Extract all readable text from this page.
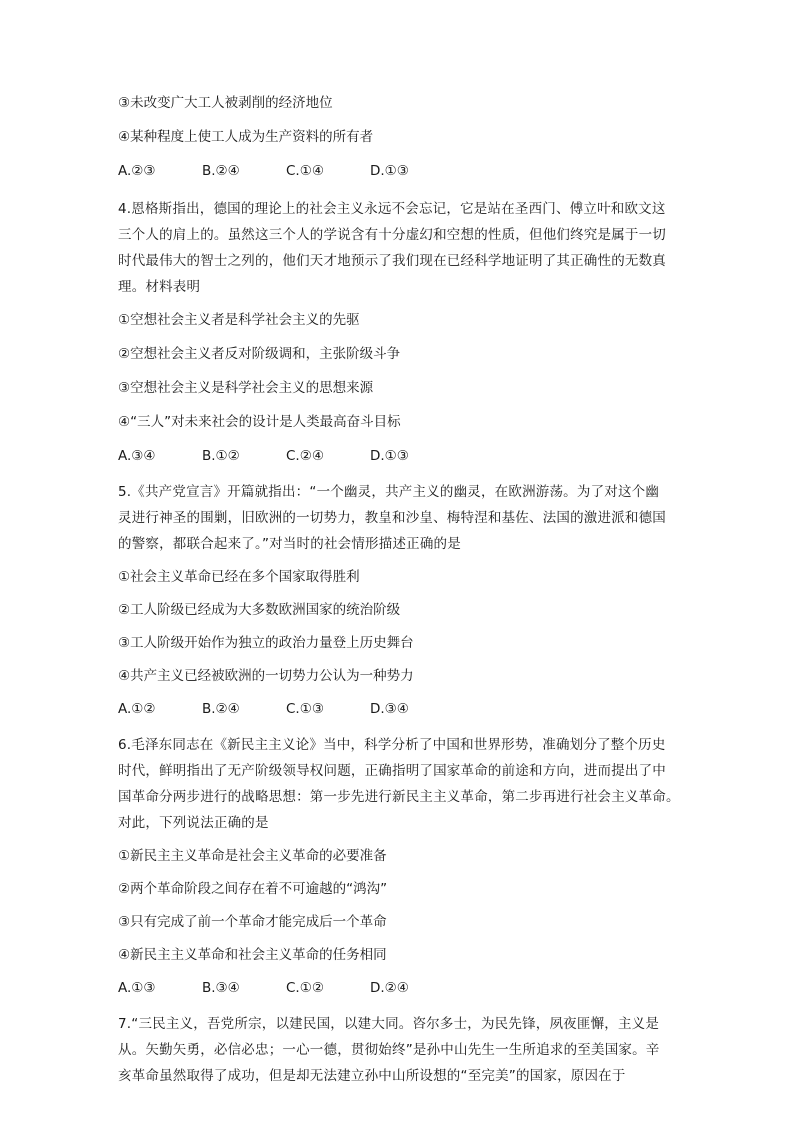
③未改变广大工人被剥削的经济地位

④某种程度上使工人成为生产资料的所有者

A.②③	B.②④	C.①④	D.①③

4.恩格斯指出，德国的理论上的社会主义永远不会忘记，它是站在圣西门、傅立叶和欧文这
三个人的肩上的。虽然这三个人的学说含有十分虚幻和空想的性质，但他们终究是属于一切
时代最伟大的智士之列的，他们天才地预示了我们现在已经科学地证明了其正确性的无数真
理。材料表明

①空想社会主义者是科学社会主义的先驱

②空想社会主义者反对阶级调和，主张阶级斗争

③空想社会主义是科学社会主义的思想来源

④“三人”对未来社会的设计是人类最高奋斗目标

A.③④	B.①②	C.②④	D.①③

5.《共产党宣言》开篇就指出：“一个幽灵，共产主义的幽灵，在欧洲游荡。为了对这个幽
灵进行神圣的围剿，旧欧洲的一切势力，教皇和沙皇、梅特涅和基佐、法国的激进派和德国
的警察，都联合起来了。”对当时的社会情形描述正确的是

①社会主义革命已经在多个国家取得胜利

②工人阶级已经成为大多数欧洲国家的统治阶级

③工人阶级开始作为独立的政治力量登上历史舞台

④共产主义已经被欧洲的一切势力公认为一种势力

A.①②	B.②④	C.①③	D.③④

6.毛泽东同志在《新民主主义论》当中，科学分析了中国和世界形势，准确划分了整个历史
时代，鲜明指出了无产阶级领导权问题，正确指明了国家革命的前途和方向，进而提出了中
国革命分两步进行的战略思想：第一步先进行新民主主义革命，第二步再进行社会主义革命。
对此，下列说法正确的是

①新民主主义革命是社会主义革命的必要准备

②两个革命阶段之间存在着不可逾越的“鸿沟”

③只有完成了前一个革命才能完成后一个革命

④新民主主义革命和社会主义革命的任务相同

A.①③	B.③④	C.①②	D.②④

7.“三民主义，吾党所宗，以建民国，以建大同。咨尔多士，为民先锋，夙夜匪懈，主义是
从。矢勤矢勇，必信必忠；一心一德，贯彻始终”是孙中山先生一生所追求的至美国家。辛
亥革命虽然取得了成功，但是却无法建立孙中山所设想的“至完美”的国家，原因在于
